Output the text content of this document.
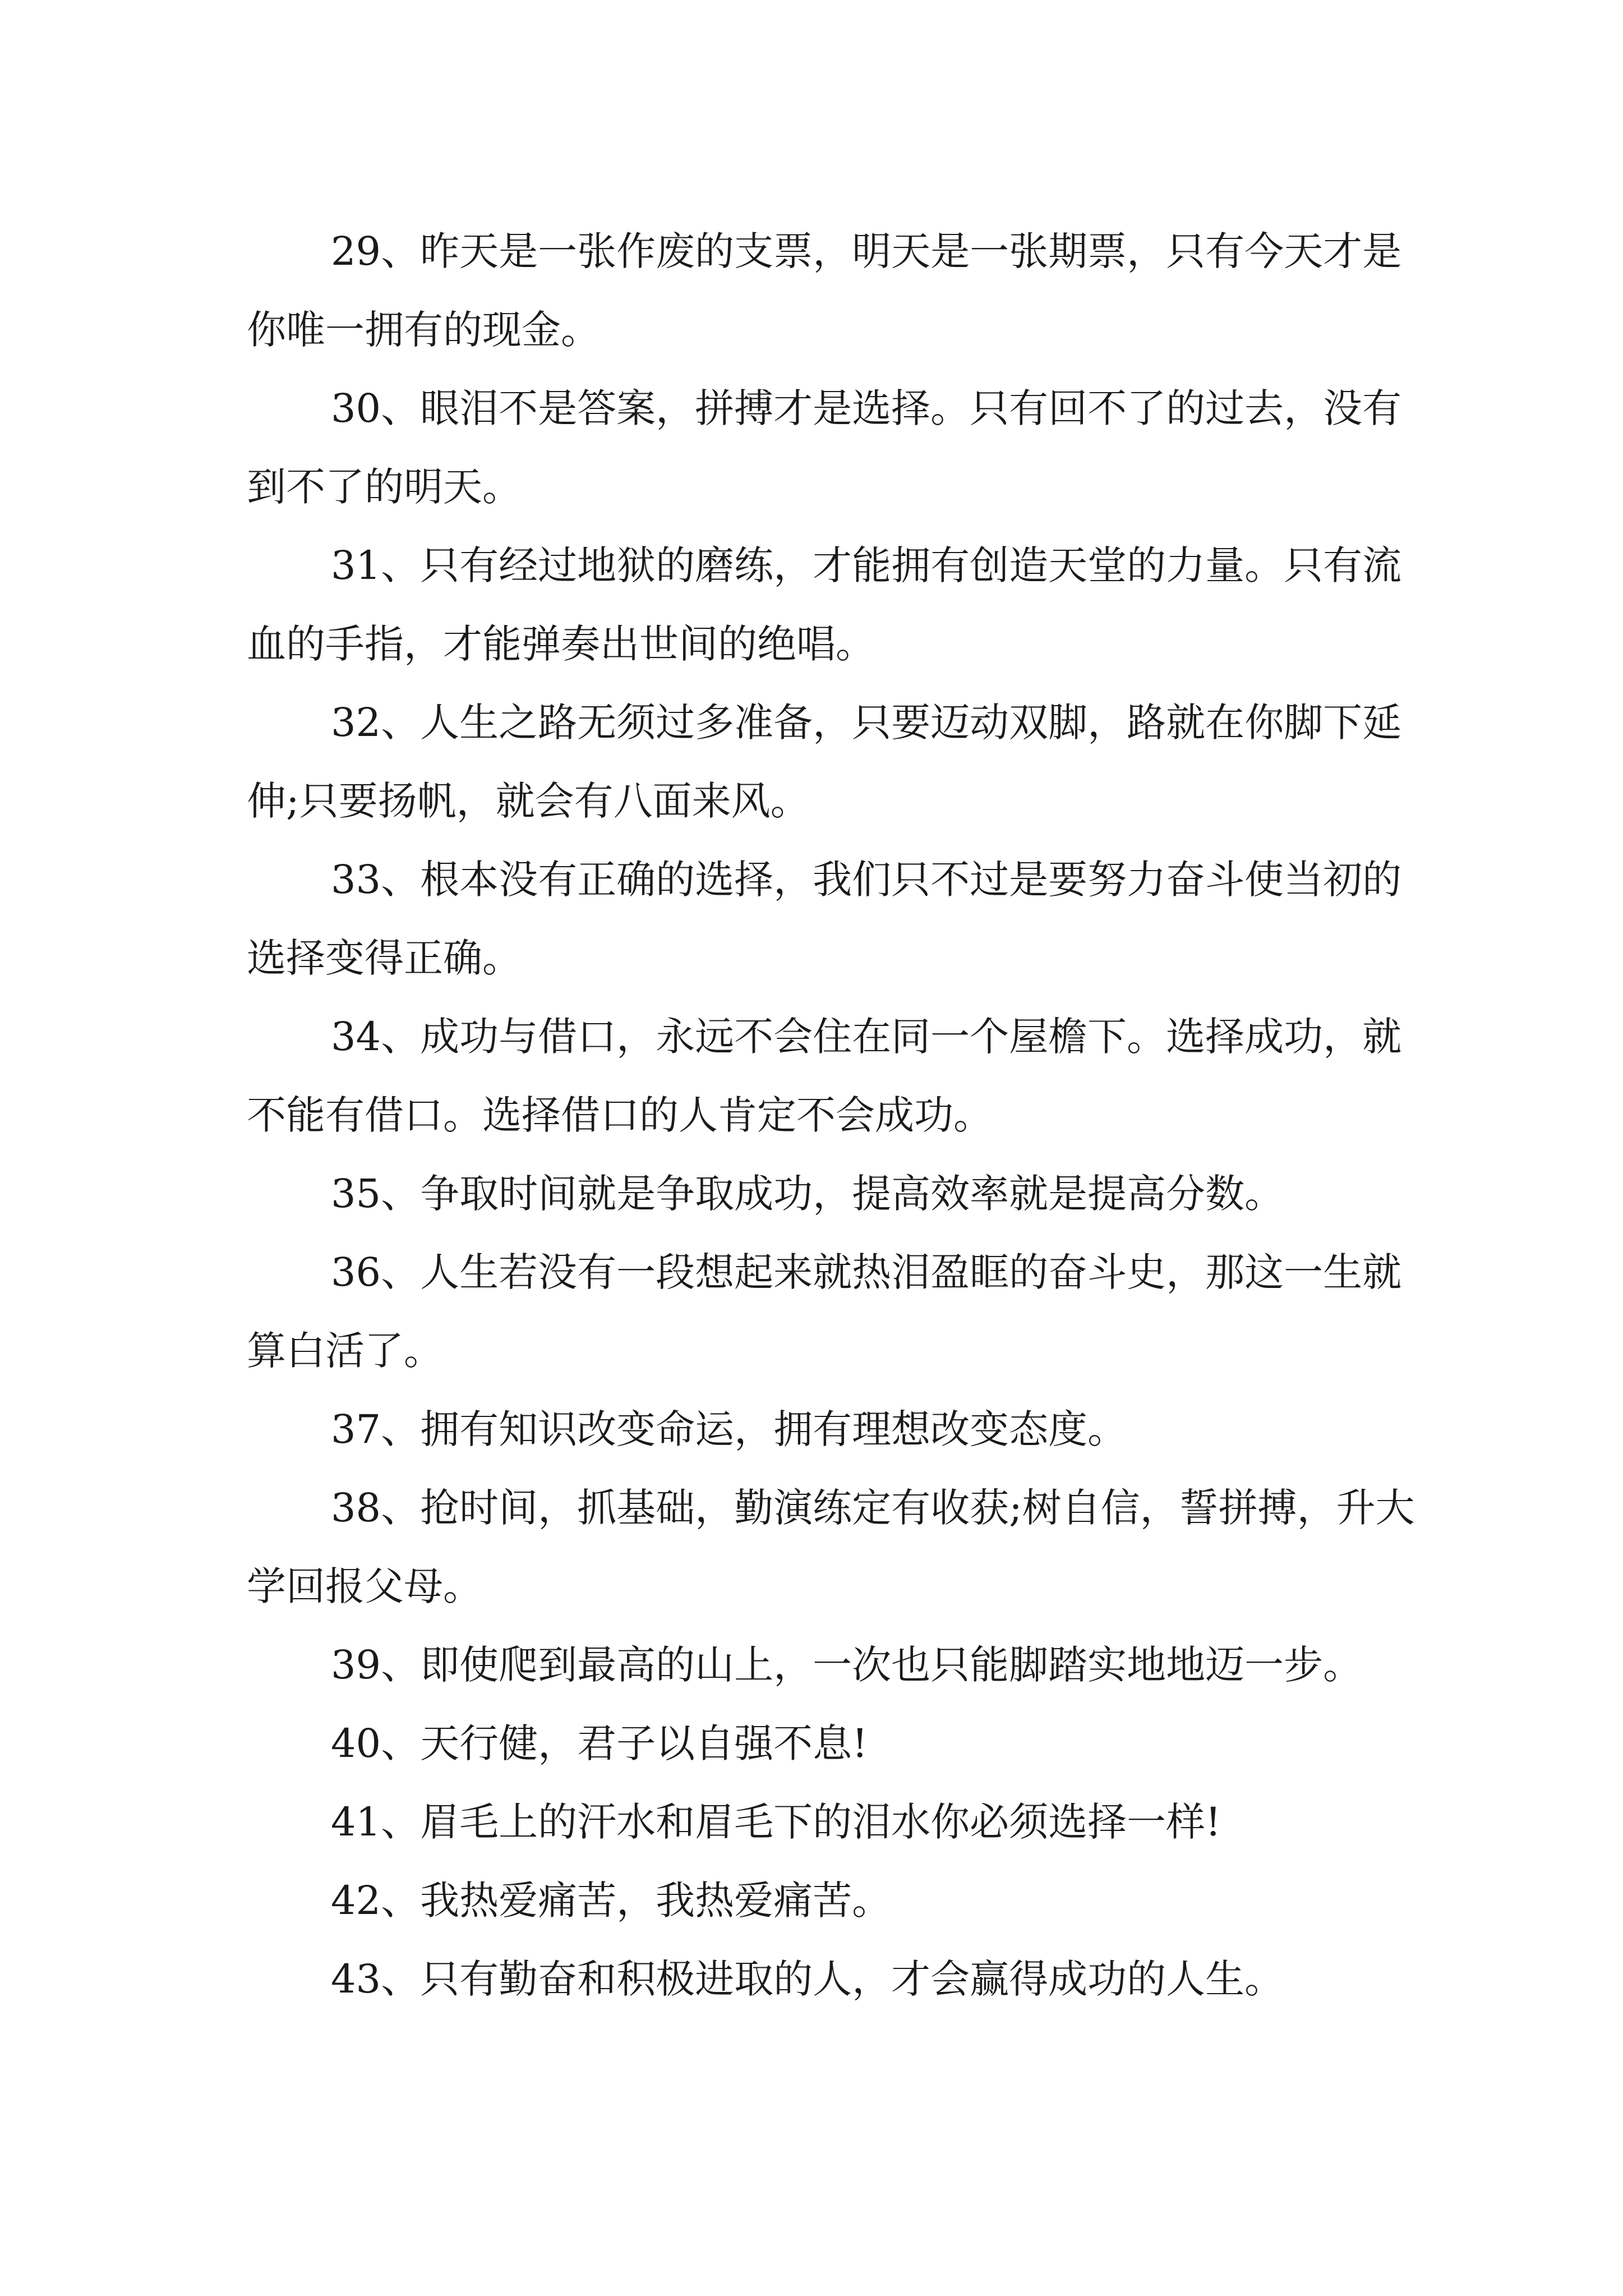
29、昨天是一张作废的支票，明天是一张期票，只有今天才是你唯一拥有的现金。

30、眼泪不是答案，拼搏才是选择。只有回不了的过去，没有到不了的明天。

31、只有经过地狱的磨练，才能拥有创造天堂的力量。只有流血的手指，才能弹奏出世间的绝唱。

32、人生之路无须过多准备，只要迈动双脚，路就在你脚下延伸;只要扬帆，就会有八面来风。

33、根本没有正确的选择，我们只不过是要努力奋斗使当初的选择变得正确。

34、成功与借口，永远不会住在同一个屋檐下。选择成功，就不能有借口。选择借口的人肯定不会成功。

35、争取时间就是争取成功，提高效率就是提高分数。

36、人生若没有一段想起来就热泪盈眶的奋斗史，那这一生就算白活了。

37、拥有知识改变命运，拥有理想改变态度。

38、抢时间，抓基础，勤演练定有收获;树自信，誓拼搏，升大学回报父母。

39、即使爬到最高的山上，一次也只能脚踏实地地迈一步。

40、天行健，君子以自强不息!

41、眉毛上的汗水和眉毛下的泪水你必须选择一样!

42、我热爱痛苦，我热爱痛苦。

43、只有勤奋和积极进取的人，才会赢得成功的人生。
